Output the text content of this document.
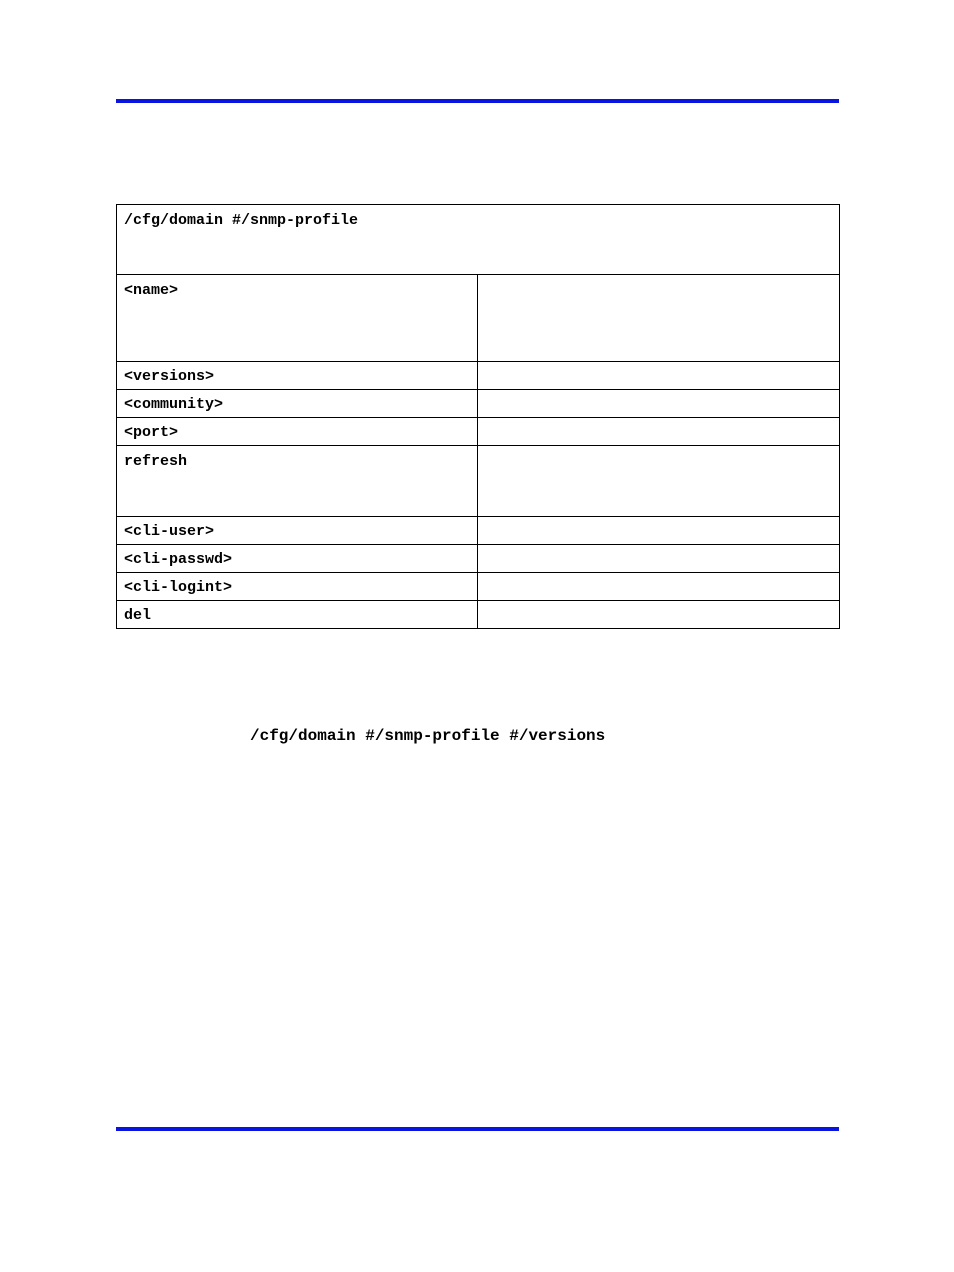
/cfg/domain #/snmp-profile	
<name>	
<versions>	
<community>	
<port>	
refresh	
<cli-user>	
<cli-passwd>	
<cli-logint>	
del	
/cfg/domain #/snmp-profile #/versions
